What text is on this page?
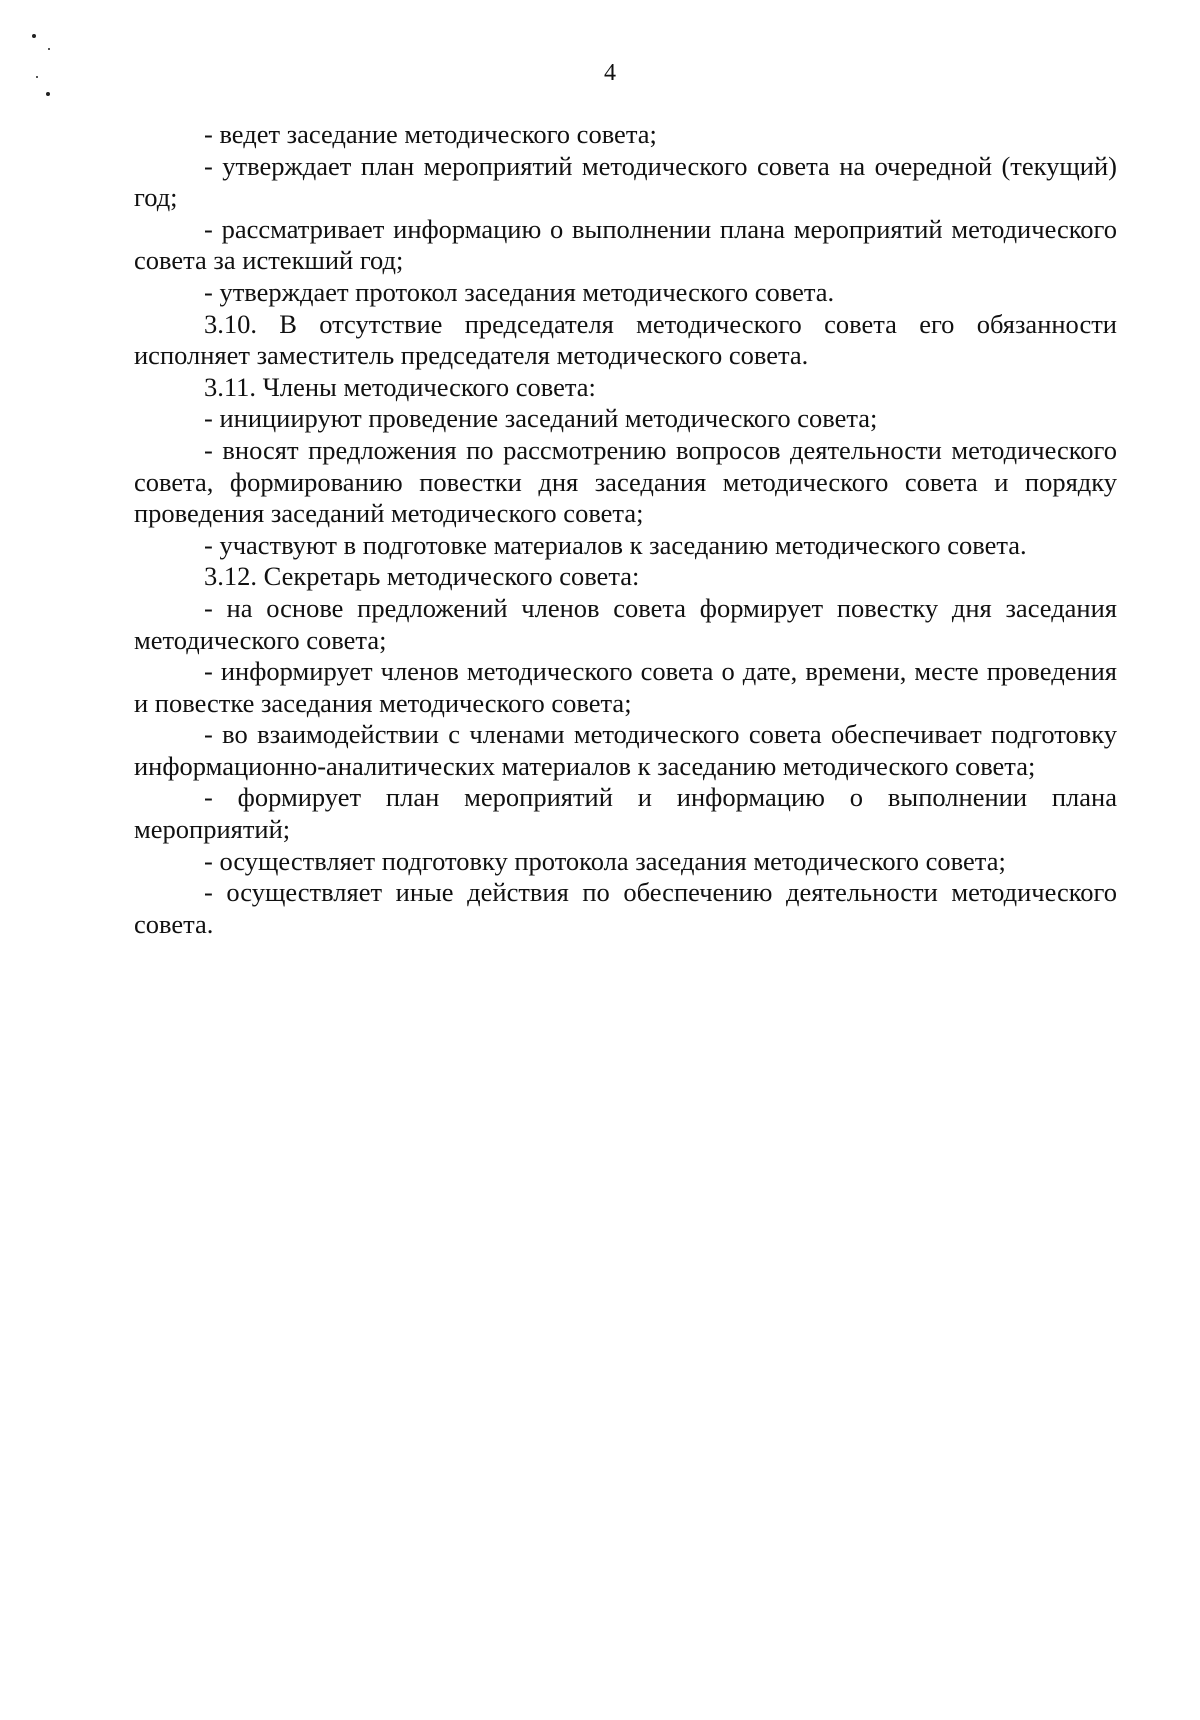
4

- ведет заседание методического совета;

- утверждает план мероприятий методического совета на очередной (текущий) год;

- рассматривает информацию о выполнении плана мероприятий методического совета за истекший год;

- утверждает протокол заседания методического совета.

3.10. В отсутствие председателя методического совета его обязанности исполняет заместитель председателя методического совета.

3.11. Члены методического совета:

- инициируют проведение заседаний методического совета;

- вносят предложения по рассмотрению вопросов деятельности методического совета, формированию повестки дня заседания методического совета и порядку проведения заседаний методического совета;

- участвуют в подготовке материалов к заседанию методического совета.

3.12. Секретарь методического совета:

- на основе предложений членов совета формирует повестку дня заседания методического совета;

- информирует членов методического совета о дате, времени, месте проведения и повестке заседания методического совета;

- во взаимодействии с членами методического совета обеспечивает подготовку информационно-аналитических материалов к заседанию методического совета;

- формирует план мероприятий и информацию о выполнении плана мероприятий;

- осуществляет подготовку протокола заседания методического совета;

- осуществляет иные действия по обеспечению деятельности методического совета.
